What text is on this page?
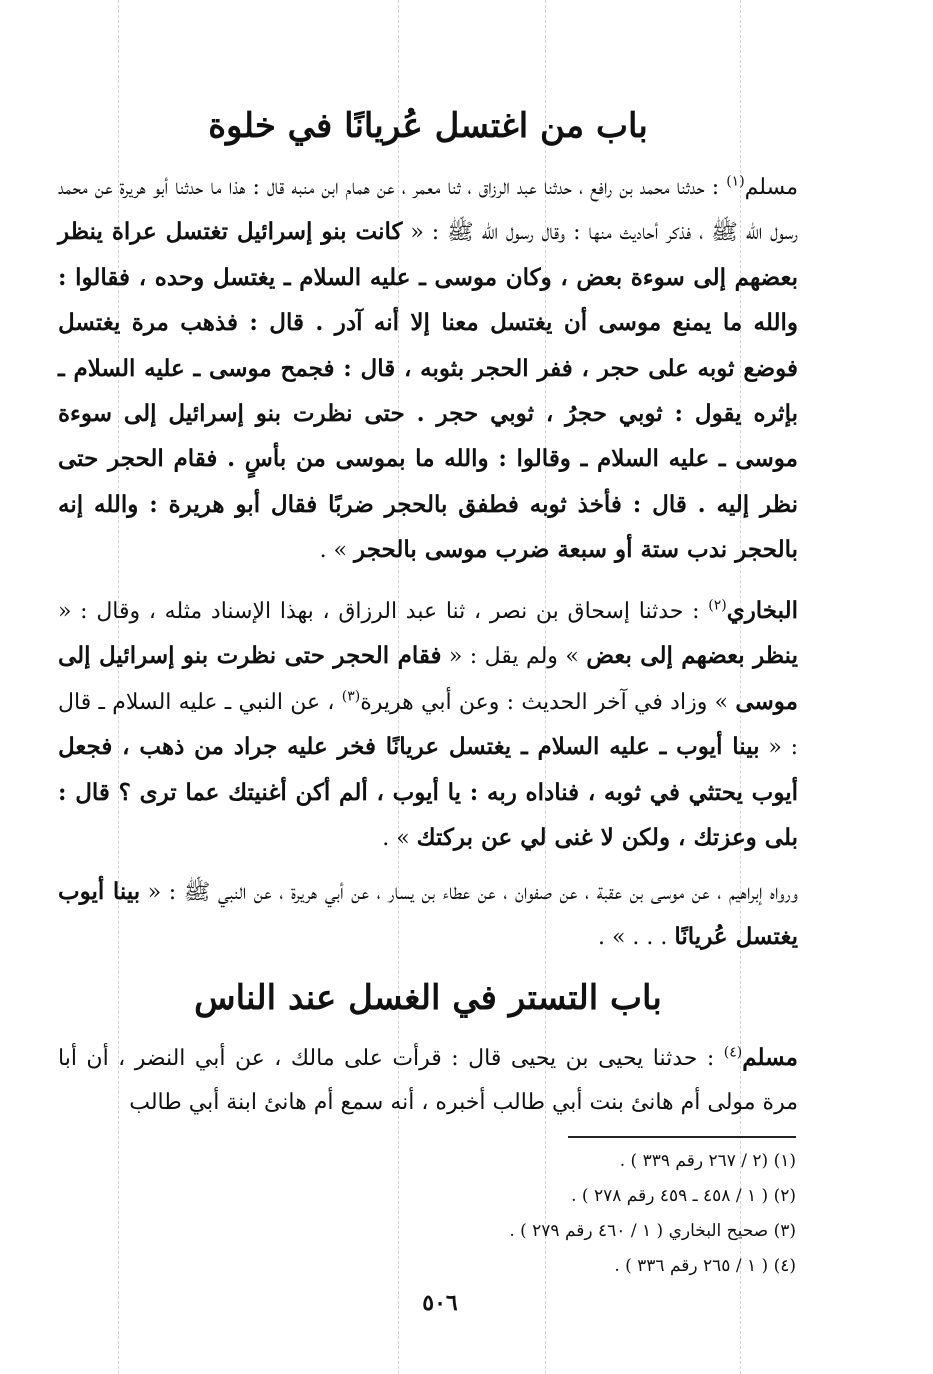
باب من اغتسل عُريانًا في خلوة

مسلم$^{(١)}$ : حدثنا محمد بن رافع ، حدثنا عبد الرزاق ، ثنا معمر ، عن همام ابن منبه قال : هذا ما حدثنا أبو هريرة عن محمد رسول الله ﷺ ، فذكر أحاديث منها : وقال رسول الله ﷺ : « كانت بنو إسرائيل تغتسل عراة ينظر بعضهم إلى سوءة بعض ، وكان موسى ـ عليه السلام ـ يغتسل وحده ، فقالوا : والله ما يمنع موسى أن يغتسل معنا إلا أنه آدر . قال : فذهب مرة يغتسل فوضع ثوبه على حجر ، ففر الحجر بثوبه ، قال : فجمح موسى ـ عليه السلام ـ بإثره يقول : ثوبي حجرُ ، ثوبي حجر . حتى نظرت بنو إسرائيل إلى سوءة موسى ـ عليه السلام ـ وقالوا : والله ما بموسى من بأسٍ . فقام الحجر حتى نظر إليه . قال : فأخذ ثوبه فطفق بالحجر ضربًا فقال أبو هريرة : والله إنه بالحجر ندب ستة أو سبعة ضرب موسى بالحجر » .

البخاري$^{(٢)}$ : حدثنا إسحاق بن نصر ، ثنا عبد الرزاق ، بهذا الإسناد مثله ، وقال : « ينظر بعضهم إلى بعض » ولم يقل : « فقام الحجر حتى نظرت بنو إسرائيل إلى موسى » وزاد في آخر الحديث : وعن أبي هريرة$^{(٣)}$ ، عن النبي ـ عليه السلام ـ قال : « بينا أيوب ـ عليه السلام ـ يغتسل عريانًا فخر عليه جراد من ذهب ، فجعل أيوب يحتثي في ثوبه ، فناداه ربه : يا أيوب ، ألم أكن أغنيتك عما ترى ؟ قال : بلى وعزتك ، ولكن لا غنى لي عن بركتك » .

ورواه إبراهيم ، عن موسى بن عقبة ، عن صفوان ، عن عطاء بن يسار ، عن أبي هريرة ، عن النبي ﷺ : « بينا أيوب يغتسل عُريانًا . . . » .

باب التستر في الغسل عند الناس

مسلم$^{(٤)}$ : حدثنا يحيى بن يحيى قال : قرأت على مالك ، عن أبي النضر ، أن أبا مرة مولى أم هانئ بنت أبي طالب أخبره ، أنه سمع أم هانئ ابنة أبي طالب

(١) (٢ / ٢٦٧ رقم ٣٣٩ ) .
(٢) ( ١ / ٤٥٨ ـ ٤٥٩ رقم ٢٧٨ ) .
(٣) صحيح البخاري ( ١ / ٤٦٠ رقم ٢٧٩ ) .
(٤) ( ١ / ٢٦٥ رقم ٣٣٦ ) .
٥٠٦
